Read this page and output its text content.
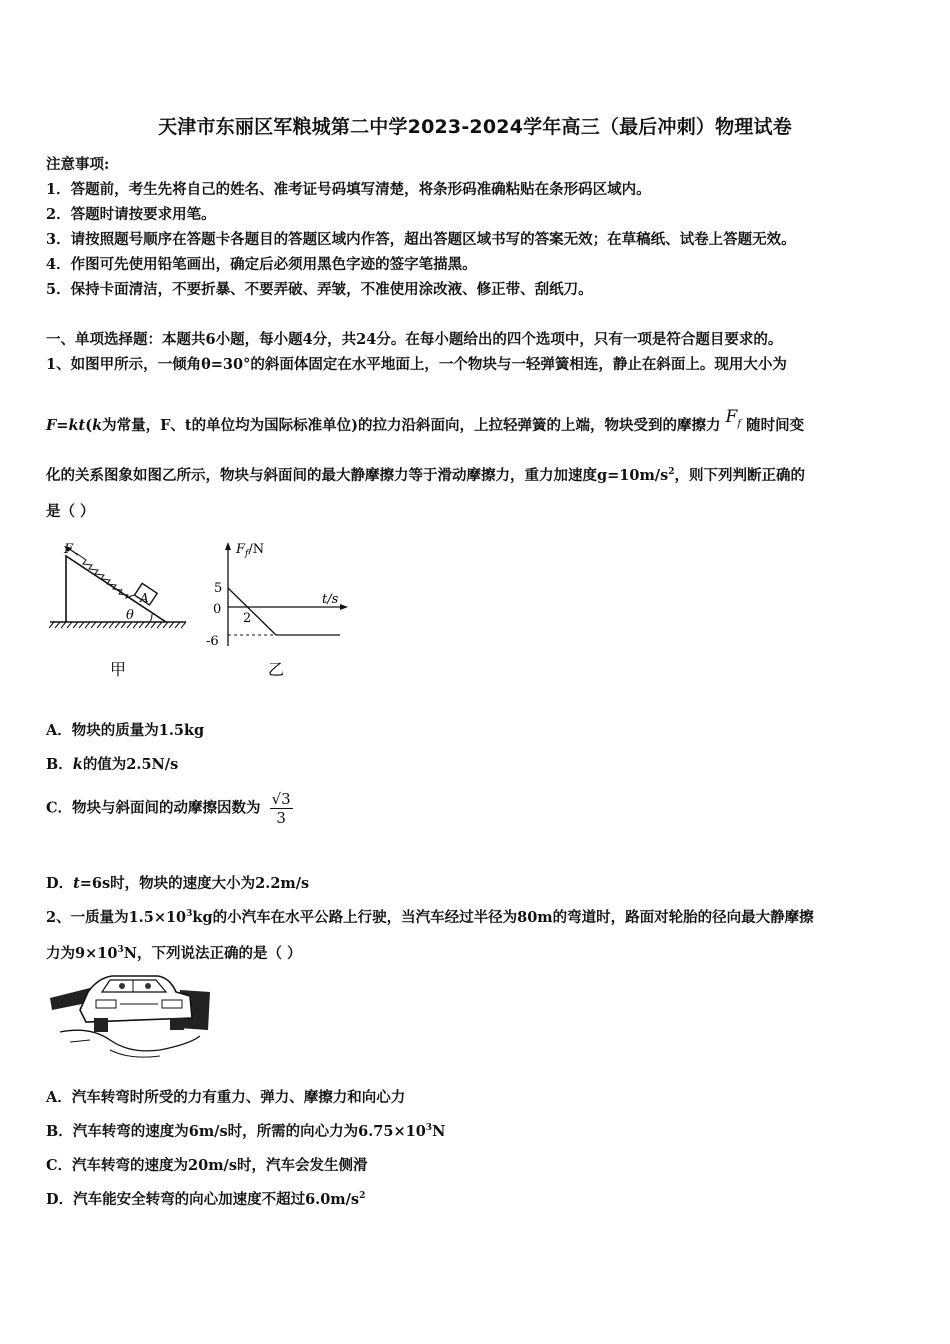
天津市东丽区军粮城第二中学2023-2024学年高三（最后冲刺）物理试卷
注意事项:
1．答题前，考生先将自己的姓名、准考证号码填写清楚，将条形码准确粘贴在条形码区域内。
2．答题时请按要求用笔。
3．请按照题号顺序在答题卡各题目的答题区域内作答，超出答题区域书写的答案无效；在草稿纸、试卷上答题无效。
4．作图可先使用铅笔画出，确定后必须用黑色字迹的签字笔描黑。
5．保持卡面清洁，不要折暴、不要弄破、弄皱，不准使用涂改液、修正带、刮纸刀。
一、单项选择题：本题共6小题，每小题4分，共24分。在每小题给出的四个选项中，只有一项是符合题目要求的。
1、如图甲所示，一倾角θ=30°的斜面体固定在水平地面上，一个物块与一轻弹簧相连，静止在斜面上。现用大小为
F=kt(k为常量，F、t的单位均为国际标准单位)的拉力沿斜面向，上拉轻弹簧的上端，物块受到的摩擦力 $F_f$ 随时间变
化的关系图象如图乙所示，物块与斜面间的最大静摩擦力等于滑动摩擦力，重力加速度$g=10m/s^2$，则下列判断正确的
是（ ）
A
F
θ
甲
$F_f/N$
t/s
5
0
-6
2
乙
A．物块的质量为1.5kg
B．k的值为2.5N/s
C．物块与斜面间的动摩擦因数为 $\frac{√3}{3}$
D．t=6s时，物块的速度大小为2.2m/s
2、一质量为$1.5\times 10^3kg$的小汽车在水平公路上行驶，当汽车经过半径为80m的弯道时，路面对轮胎的径向最大静摩擦
力为$9\times 10^3N$，下列说法正确的是（ ）
A．汽车转弯时所受的力有重力、弹力、摩擦力和向心力
B．汽车转弯的速度为6m/s时，所需的向心力为$6.75\times 10^3N$
C．汽车转弯的速度为20m/s时，汽车会发生侧滑
D．汽车能安全转弯的向心加速度不超过$6.0m/s^2$
